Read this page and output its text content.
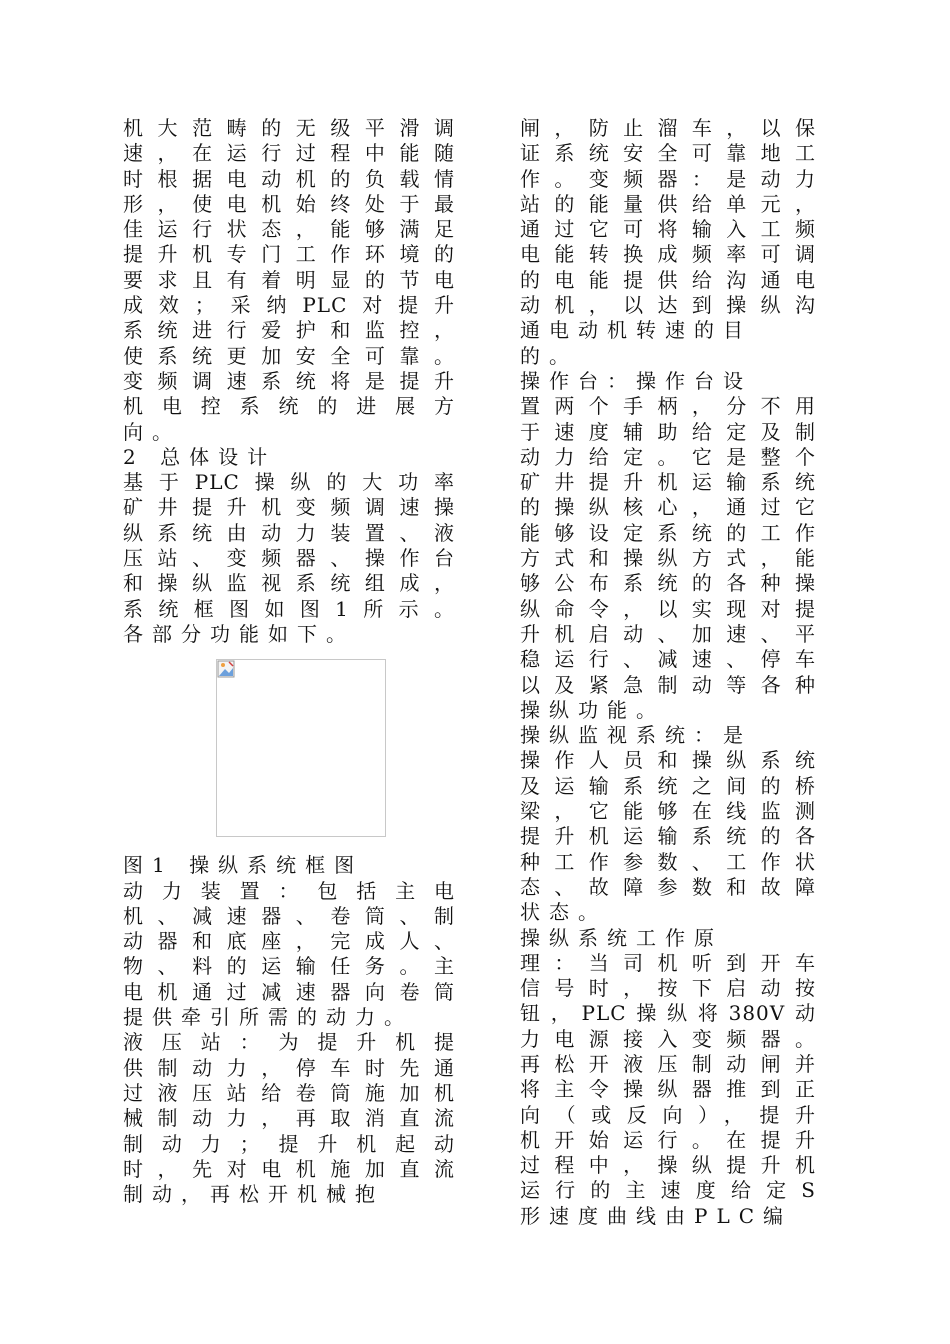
机大范畴的无级平滑调
速，在运行过程中能随
时根据电动机的负载情
形，使电机始终处于最
佳运行状态，能够满足
提升机专门工作环境的
要求且有着明显的节电
成效；采纳PLC对提升
系统进行爱护和监控，
使系统更加安全可靠。
变频调速系统将是提升
机电控系统的进展方
向。
2 总体设计
基于PLC操纵的大功率
矿井提升机变频调速操
纵系统由动力装置、液
压站、变频器、操作台
和操纵监视系统组成，
系统框图如图1所示。
各部分功能如下。
图1 操纵系统框图
动力装置：包括主电
机、减速器、卷筒、制
动器和底座，完成人、
物、料的运输任务。主
电机通过减速器向卷筒
提供牵引所需的动力。
液压站：为提升机提
供制动力，停车时先通
过液压站给卷筒施加机
械制动力，再取消直流
制动力；提升机起动
时，先对电机施加直流
制动，再松开机械抱
闸，防止溜车，以保
证系统安全可靠地工
作。变频器：是动力
站的能量供给单元，
通过它可将输入工频
电能转换成频率可调
的电能提供给沟通电
动机，以达到操纵沟
通电动机转速的目
的。
操作台：操作台设
置两个手柄，分不用
于速度辅助给定及制
动力给定。它是整个
矿井提升机运输系统
的操纵核心，通过它
能够设定系统的工作
方式和操纵方式，能
够公布系统的各种操
纵命令，以实现对提
升机启动、加速、平
稳运行、减速、停车
以及紧急制动等各种
操纵功能。
操纵监视系统：是
操作人员和操纵系统
及运输系统之间的桥
梁，它能够在线监测
提升机运输系统的各
种工作参数、工作状
态、故障参数和故障
状态。
操纵系统工作原
理：当司机听到开车
信号时，按下启动按
钮，PLC操纵将380V动
力电源接入变频器。
再松开液压制动闸并
将主令操纵器推到正
向（或反向），提升
机开始运行。在提升
过程中，操纵提升机
运行的主速度给定S
形速度曲线由PLC编
